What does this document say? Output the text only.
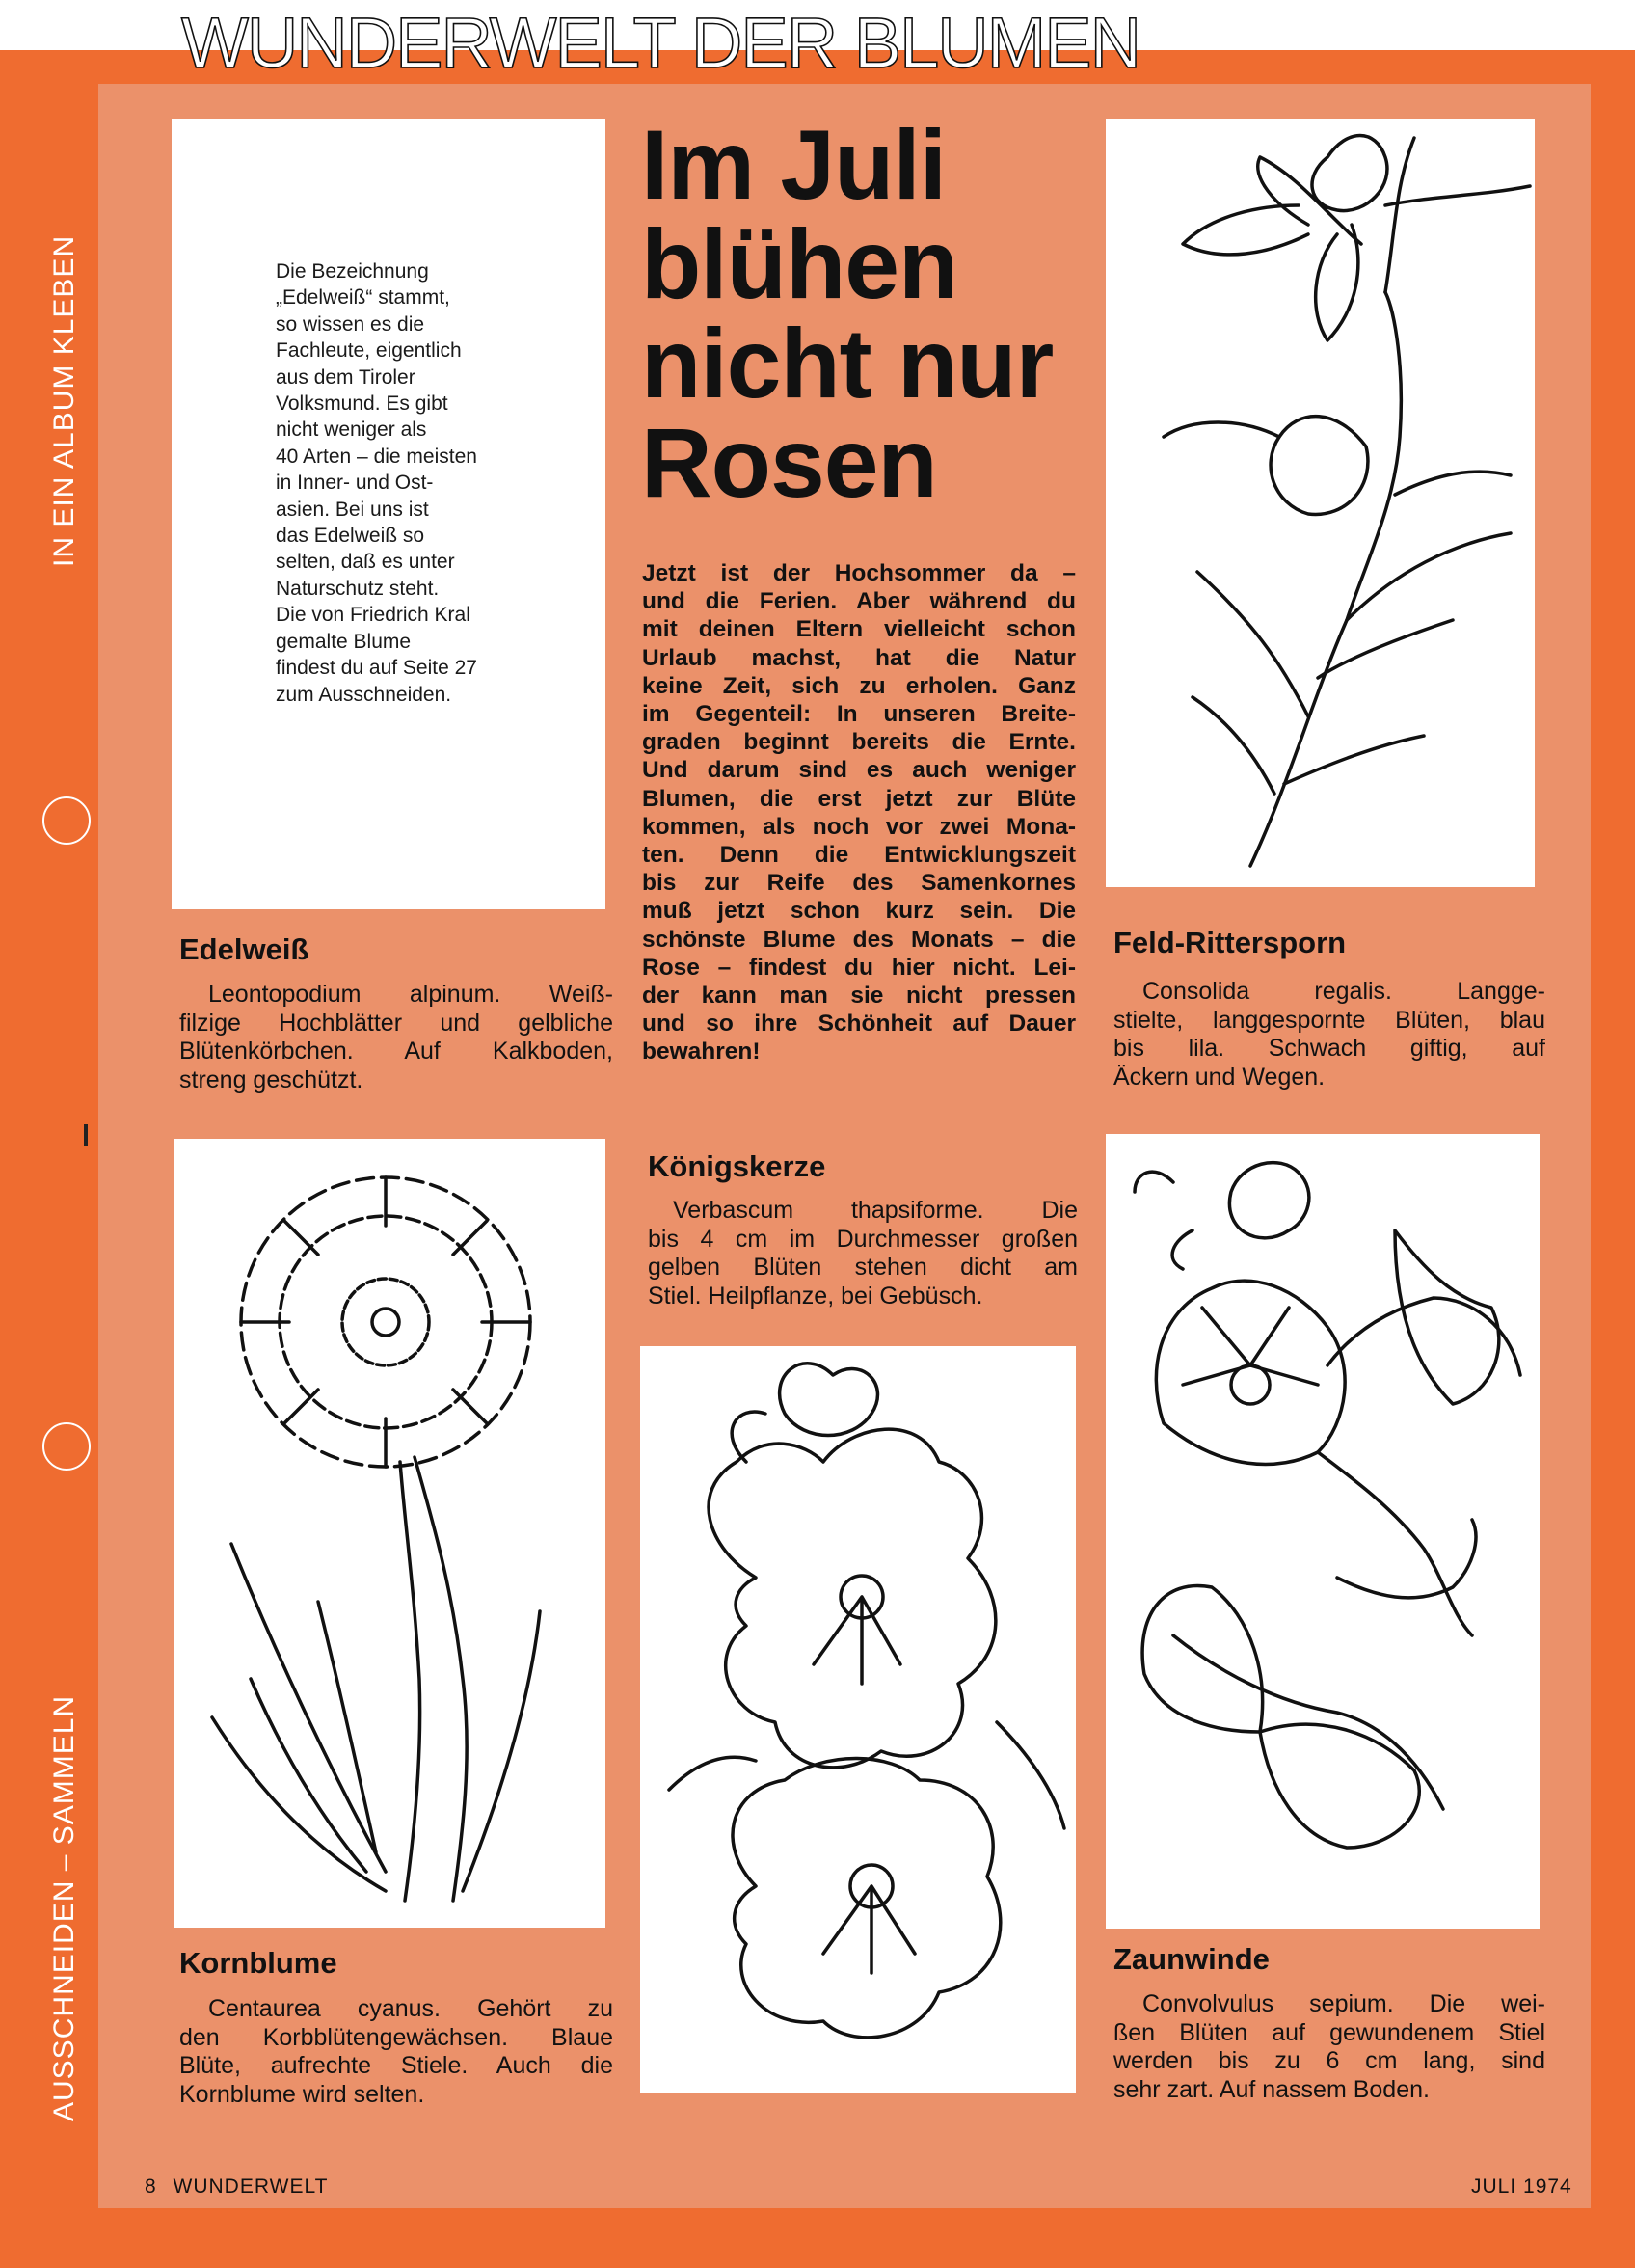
WUNDERWELT DER BLUMEN
IN EIN ALBUM KLEBEN
AUSSCHNEIDEN – SAMMELN
Die Bezeichnung
„Edelweiß“ stammt,
so wissen es die
Fachleute, eigentlich
aus dem Tiroler
Volksmund. Es gibt
nicht weniger als
40 Arten – die meisten
in Inner- und Ost-
asien. Bei uns ist
das Edelweiß so
selten, daß es unter
Naturschutz steht.
Die von Friedrich Kral
gemalte Blume
findest du auf Seite 27
zum Ausschneiden.
Im Juli
blühen
nicht nur
Rosen
Jetzt ist der Hochsommer da –
und die Ferien. Aber während du
mit deinen Eltern vielleicht schon
Urlaub machst, hat die Natur
keine Zeit, sich zu erholen. Ganz
im Gegenteil: In unseren Breite-
graden beginnt bereits die Ernte.
Und darum sind es auch weniger
Blumen, die erst jetzt zur Blüte
kommen, als noch vor zwei Mona-
ten. Denn die Entwicklungszeit
bis zur Reife des Samenkornes
muß jetzt schon kurz sein. Die
schönste Blume des Monats – die
Rose – findest du hier nicht. Lei-
der kann man sie nicht pressen
und so ihre Schönheit auf Dauer
bewahren!
Edelweiß
Leontopodium alpinum. Weiß-
filzige Hochblätter und gelbliche
Blütenkörbchen. Auf Kalkboden,
streng geschützt.
Feld-Rittersporn
Consolida regalis. Langge-
stielte, langgespornte Blüten, blau
bis lila. Schwach giftig, auf
Äckern und Wegen.
Königskerze
Verbascum thapsiforme. Die
bis 4 cm im Durchmesser großen
gelben Blüten stehen dicht am
Stiel. Heilpflanze, bei Gebüsch.
Kornblume
Centaurea cyanus. Gehört zu
den Korbblütengewächsen. Blaue
Blüte, aufrechte Stiele. Auch die
Kornblume wird selten.
Zaunwinde
Convolvulus sepium. Die wei-
ßen Blüten auf gewundenem Stiel
werden bis zu 6 cm lang, sind
sehr zart. Auf nassem Boden.
8 WUNDERWELT	JULI 1974
